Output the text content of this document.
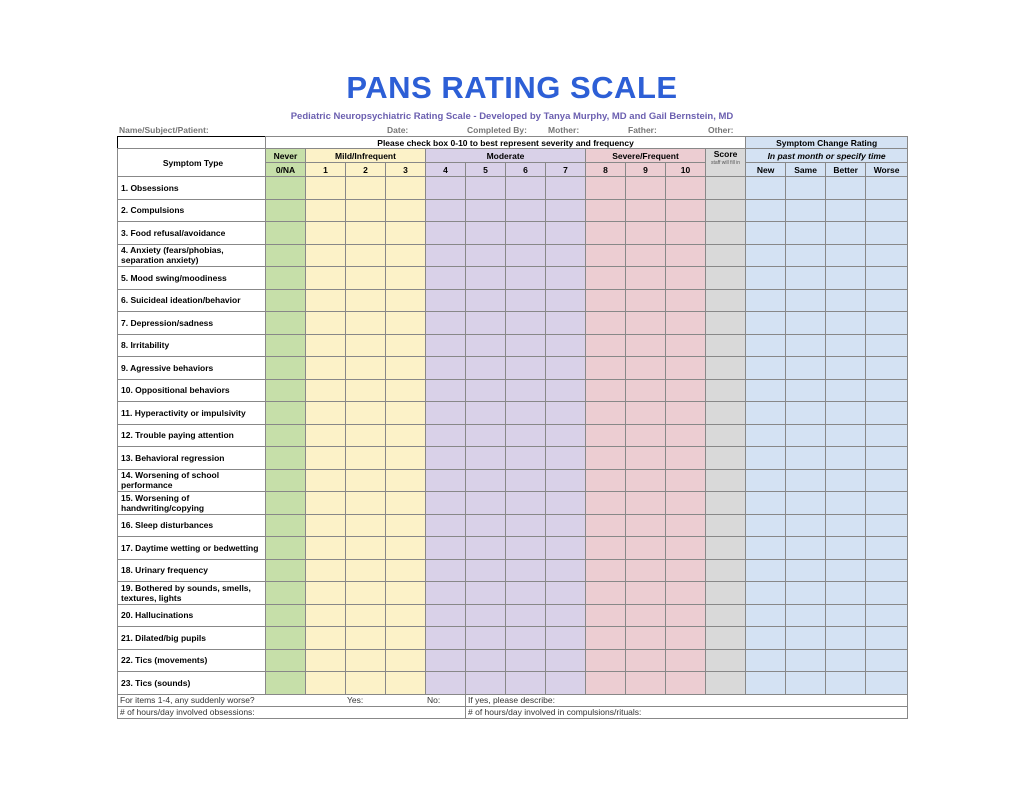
PANS RATING SCALE
Pediatric Neuropsychiatric Rating Scale - Developed by Tanya Murphy, MD and Gail Bernstein, MD
Name/Subject/Patient:	Date:	Completed By: Mother:	Father:	Other:
	Please check box 0-10 to best represent severity and frequency												Symptom Change Rating			
Symptom Type	Never	Mild/Infrequent			Moderate				Severe/Frequent			Score
staff will fill in	In past month or specify time			
	0/NA	1	2	3	4	5	6	7	8	9	10		New	Same	Better	Worse
1. Obsessions																
2. Compulsions																
3. Food refusal/avoidance																
4. Anxiety (fears/phobias, separation anxiety)																
5. Mood swing/moodiness																
6. Suicideal ideation/behavior																
7. Depression/sadness																
8. Irritability																
9. Agressive behaviors																
10. Oppositional behaviors																
11. Hyperactivity or impulsivity																
12. Trouble paying attention																
13. Behavioral regression																
14. Worsening of school performance																
15. Worsening of handwriting/copying																
16. Sleep disturbances																
17. Daytime wetting or bedwetting																
18. Urinary frequency																
19. Bothered by sounds, smells, textures, lights																
20. Hallucinations																
21. Dilated/big pupils																
22. Tics (movements)																
23. Tics (sounds)																
For items 1-4, any suddenly worse? Yes: No:						If yes, please describe:										
# of hours/day involved obsessions:						# of hours/day involved in compulsions/rituals:										
